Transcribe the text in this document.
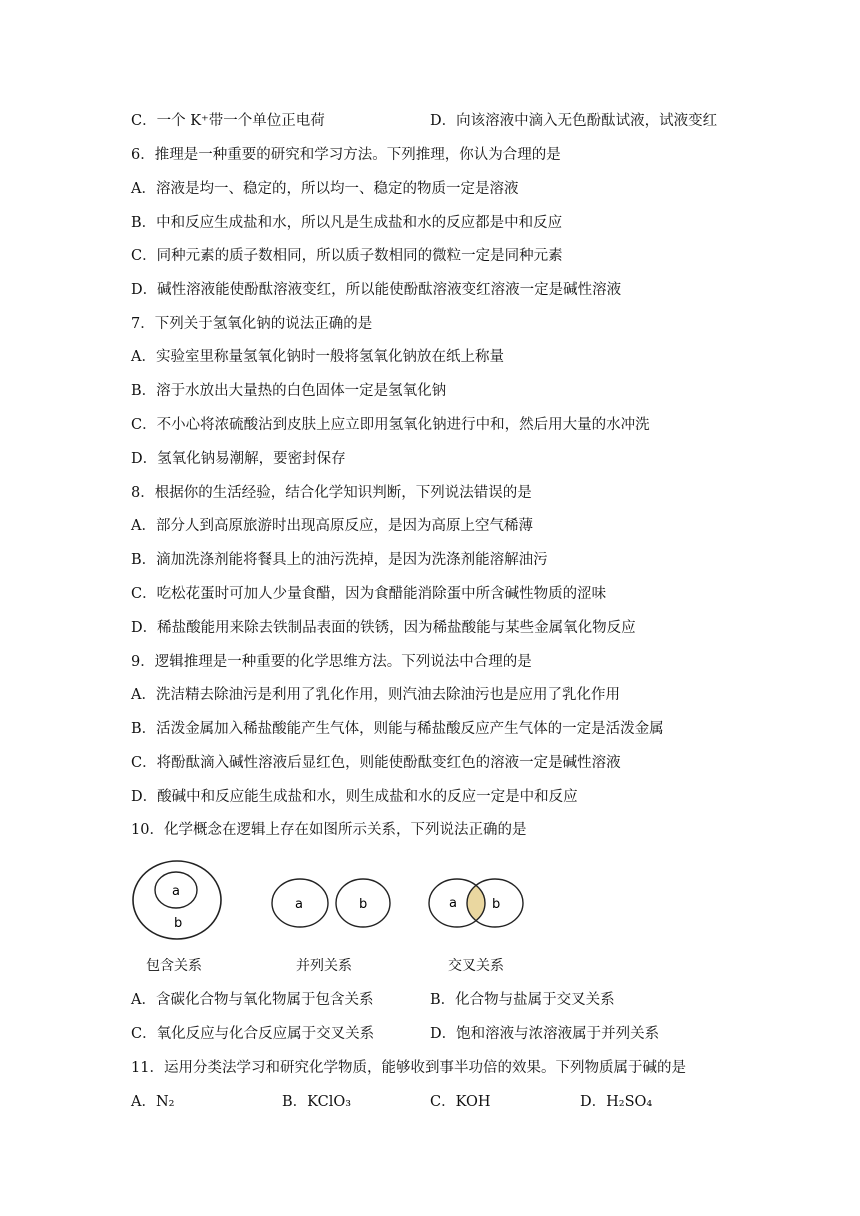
C．一个 K⁺带一个单位正电荷	D．向该溶液中滴入无色酚酞试液，试液变红
6．推理是一种重要的研究和学习方法。下列推理，你认为合理的是
A．溶液是均一、稳定的，所以均一、稳定的物质一定是溶液
B．中和反应生成盐和水，所以凡是生成盐和水的反应都是中和反应
C．同种元素的质子数相同，所以质子数相同的微粒一定是同种元素
D．碱性溶液能使酚酞溶液变红，所以能使酚酞溶液变红溶液一定是碱性溶液
7．下列关于氢氧化钠的说法正确的是
A．实验室里称量氢氧化钠时一般将氢氧化钠放在纸上称量
B．溶于水放出大量热的白色固体一定是氢氧化钠
C．不小心将浓硫酸沾到皮肤上应立即用氢氧化钠进行中和，然后用大量的水冲洗
D．氢氧化钠易潮解，要密封保存
8．根据你的生活经验，结合化学知识判断，下列说法错误的是
A．部分人到高原旅游时出现高原反应，是因为高原上空气稀薄
B．滴加洗涤剂能将餐具上的油污洗掉，是因为洗涤剂能溶解油污
C．吃松花蛋时可加人少量食醋，因为食醋能消除蛋中所含碱性物质的涩味
D．稀盐酸能用来除去铁制品表面的铁锈，因为稀盐酸能与某些金属氧化物反应
9．逻辑推理是一种重要的化学思维方法。下列说法中合理的是
A．洗洁精去除油污是利用了乳化作用，则汽油去除油污也是应用了乳化作用
B．活泼金属加入稀盐酸能产生气体，则能与稀盐酸反应产生气体的一定是活泼金属
C．将酚酞滴入碱性溶液后显红色，则能使酚酞变红色的溶液一定是碱性溶液
D．酸碱中和反应能生成盐和水，则生成盐和水的反应一定是中和反应
10．化学概念在逻辑上存在如图所示关系，下列说法正确的是
a
b
a	b	a	b
包含关系	并列关系	交叉关系
A．含碳化合物与氧化物属于包含关系	B．化合物与盐属于交叉关系
C．氧化反应与化合反应属于交叉关系	D．饱和溶液与浓溶液属于并列关系
11．运用分类法学习和研究化学物质，能够收到事半功倍的效果。下列物质属于碱的是
A．N₂	B．KClO₃	C．KOH	D．H₂SO₄
